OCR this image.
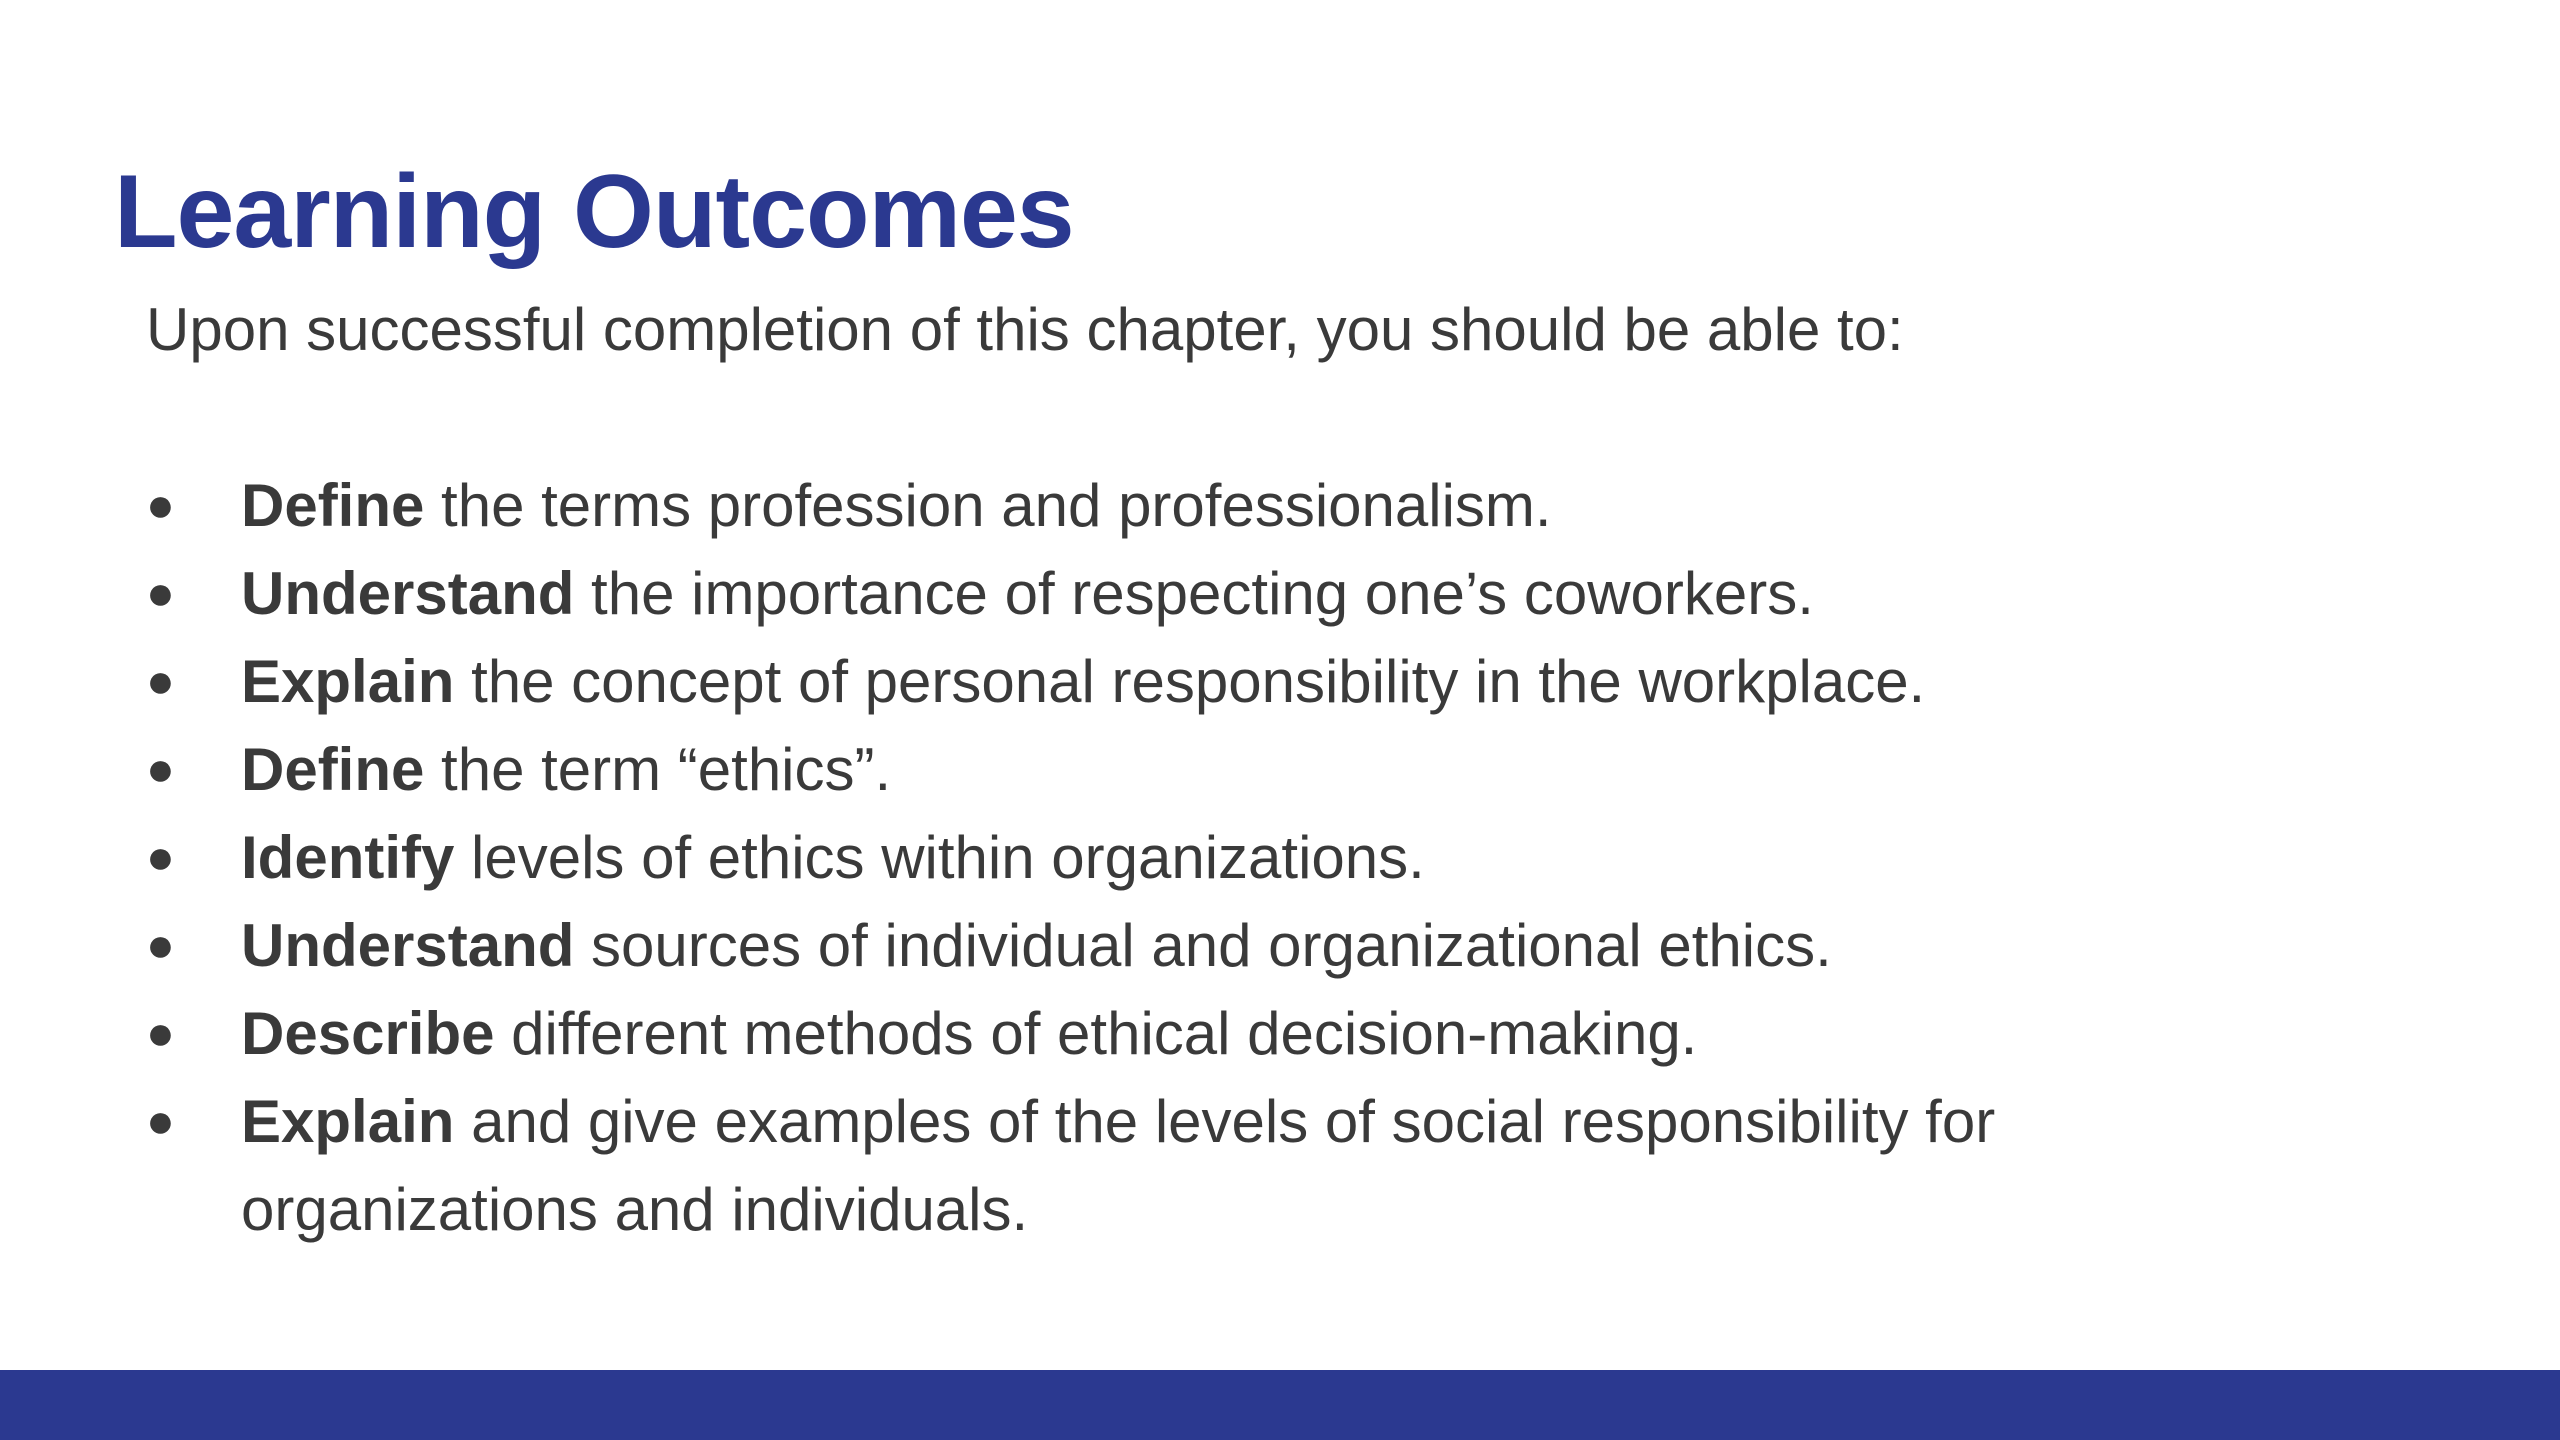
Learning Outcomes

Upon successful completion of this chapter, you should be able to:

● Define the terms profession and professionalism.
● Understand the importance of respecting one’s coworkers.
● Explain the concept of personal responsibility in the workplace.
● Define the term “ethics”.
● Identify levels of ethics within organizations.
● Understand sources of individual and organizational ethics.
● Describe different methods of ethical decision-making.
● Explain and give examples of the levels of social responsibility for organizations and individuals.
